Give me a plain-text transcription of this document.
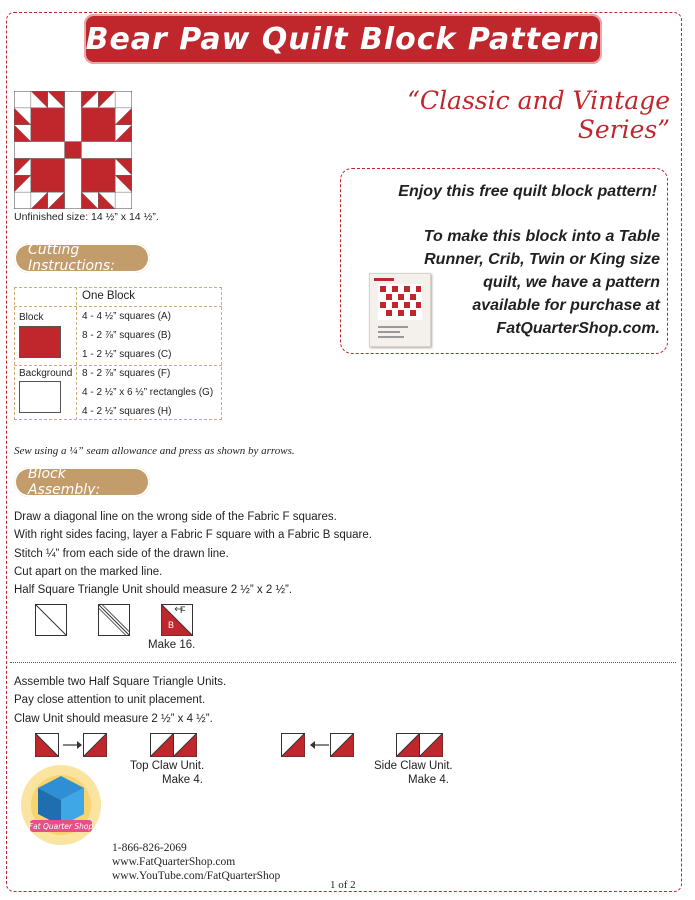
Bear Paw Quilt Block Pattern
“Classic and Vintage Series”
Unfinished size: 14 ½” x 14 ½”.
Enjoy this free quilt block pattern!
To make this block into a Table
Runner, Crib, Twin or King size
quilt, we have a pattern
available for purchase at
FatQuarterShop.com.
Cutting Instructions:
One Block
Block	4 - 4 ½” squares (A)
8 - 2 ⅞” squares (B)
1 - 2 ½” squares (C)
Background 8 - 2 ⅞” squares (F)
4 - 2 ½” x 6 ½” rectangles (G)
4 - 2 ½” squares (H)
Sew using a ¼” seam allowance and press as shown by arrows.
Block Assembly:
Draw a diagonal line on the wrong side of the Fabric F squares.
With right sides facing, layer a Fabric F square with a Fabric B square.
Stitch ¼” from each side of the drawn line.
Cut apart on the marked line.
Half Square Triangle Unit should measure 2 ½” x 2 ½”.
F
B
Make 16.
Assemble two Half Square Triangle Units.
Pay close attention to unit placement.
Claw Unit should measure 2 ½” x 4 ½”.
Top Claw Unit.
Make 4.
Side Claw Unit.
Make 4.
Fat Quarter Shop
1-866-826-2069
www.FatQuarterShop.com
www.YouTube.com/FatQuarterShop
1 of 2
